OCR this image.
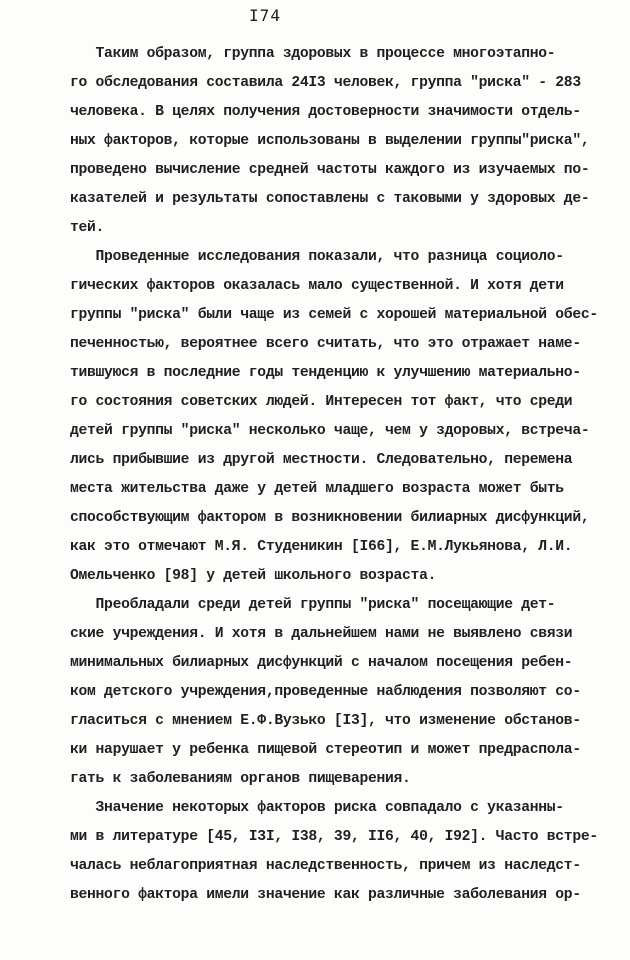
I74
Таким образом, группа здоровых в процессе многоэтапно-
го обследования составила 24I3 человек, группа "риска" - 283
человека. В целях получения достоверности значимости отдель-
ных факторов, которые использованы в выделении группы"риска",
проведено вычисление средней частоты каждого из изучаемых по-
казателей и результаты сопоставлены с таковыми у здоровых де-
тей.
Проведенные исследования показали, что разница социоло-
гических факторов оказалась мало существенной. И хотя дети
группы "риска" были чаще из семей с хорошей материальной обес-
печенностью, вероятнее всего считать, что это отражает наме-
тившуюся в последние годы тенденцию к улучшению материально-
го состояния советских людей. Интересен тот факт, что среди
детей группы "риска" несколько чаще, чем у здоровых, встреча-
лись прибывшие из другой местности. Следовательно, перемена
места жительства даже у детей младшего возраста может быть
способствующим фактором в возникновении билиарных дисфункций,
как это отмечают М.Я. Студеникин [I66], Е.М.Лукьянова, Л.И.
Омельченко [98] у детей школьного возраста.
Преобладали среди детей группы "риска" посещающие дет-
ские учреждения. И хотя в дальнейшем нами не выявлено связи
минимальных билиарных дисфункций с началом посещения ребен-
ком детского учреждения,проведенные наблюдения позволяют со-
гласиться с мнением Е.Ф.Вузько [I3], что изменение обстанов-
ки нарушает у ребенка пищевой стереотип и может предраспола-
гать к заболеваниям органов пищеварения.
Значение некоторых факторов риска совпадало с указанны-
ми в литературе [45, I3I, I38, 39, II6, 40, I92]. Часто встре-
чалась неблагоприятная наследственность, причем из наследст-
венного фактора имели значение как различные заболевания ор-
